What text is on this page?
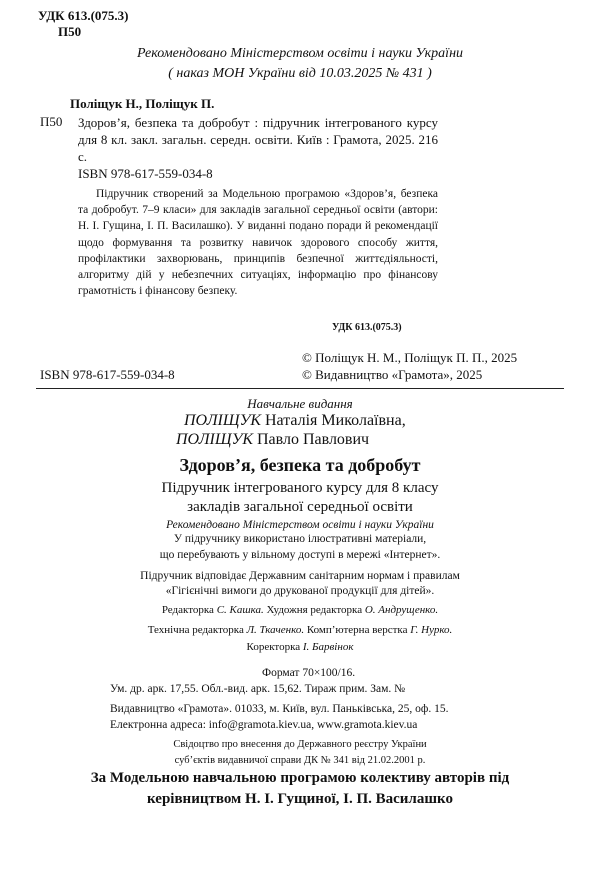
УДК 613.(075.3)

П50

Рекомендовано Міністерством освіти і науки України

( наказ МОН України від 10.03.2025 № 431 )

Поліщук Н., Поліщук П.

П50 Здоров’я, безпека та добробут : підручник інтегрованого курсу для 8 кл. закл. загальн. середн. освіти. Київ : Грамота, 2025. 216 с.

ISBN 978-617-559-034-8

Підручник створений за Модельною програмою «Здоров’я, безпека та добробут. 7–9 класи» для закладів загальної середньої освіти (автори: Н. І. Гущина, І. П. Василашко). У виданні подано поради й рекомендації щодо формування та розвитку навичок здорового способу життя, профілактики захворювань, принципів безпечної життєдіяльності, алгоритму дій у небезпечних ситуаціях, інформацію про фінансову грамотність і фінансову безпеку.

УДК 613.(075.3)

ISBN 978-617-559-034-8

© Поліщук Н. М., Поліщук П. П., 2025

© Видавництво «Грамота», 2025

Навчальне видання

ПОЛІЩУК Наталія Миколаївна,

ПОЛІЩУК Павло Павлович

Здоров’я, безпека та добробут

Підручник інтегрованого курсу для 8 класу

закладів загальної середньої освіти

Рекомендовано Міністерством освіти і науки України

У підручнику використано ілюстративні матеріали,

що перебувають у вільному доступі в мережі «Інтернет».

Підручник відповідає Державним санітарним нормам і правилам

«Гігієнічні вимоги до друкованої продукції для дітей».

Редакторка С. Кашка. Художня редакторка О. Андрущенко.

Технічна редакторка Л. Ткаченко. Комп’ютерна верстка Г. Нурко.

Коректорка І. Барвінок

Формат 70×100/16.

Ум. др. арк. 17,55. Обл.-вид. арк. 15,62. Тираж прим. Зам. №

Видавництво «Грамота». 01033, м. Київ, вул. Паньківська, 25, оф. 15.

Електронна адреса: info@gramota.kiev.ua, www.gramota.kiev.ua

Свідоцтво про внесення до Державного реєстру України

суб’єктів видавничої справи ДК № 341 від 21.02.2001 р.

За Модельною навчальною програмою колективу авторів під

керівництвом Н. І. Гущиної, І. П. Василашко
